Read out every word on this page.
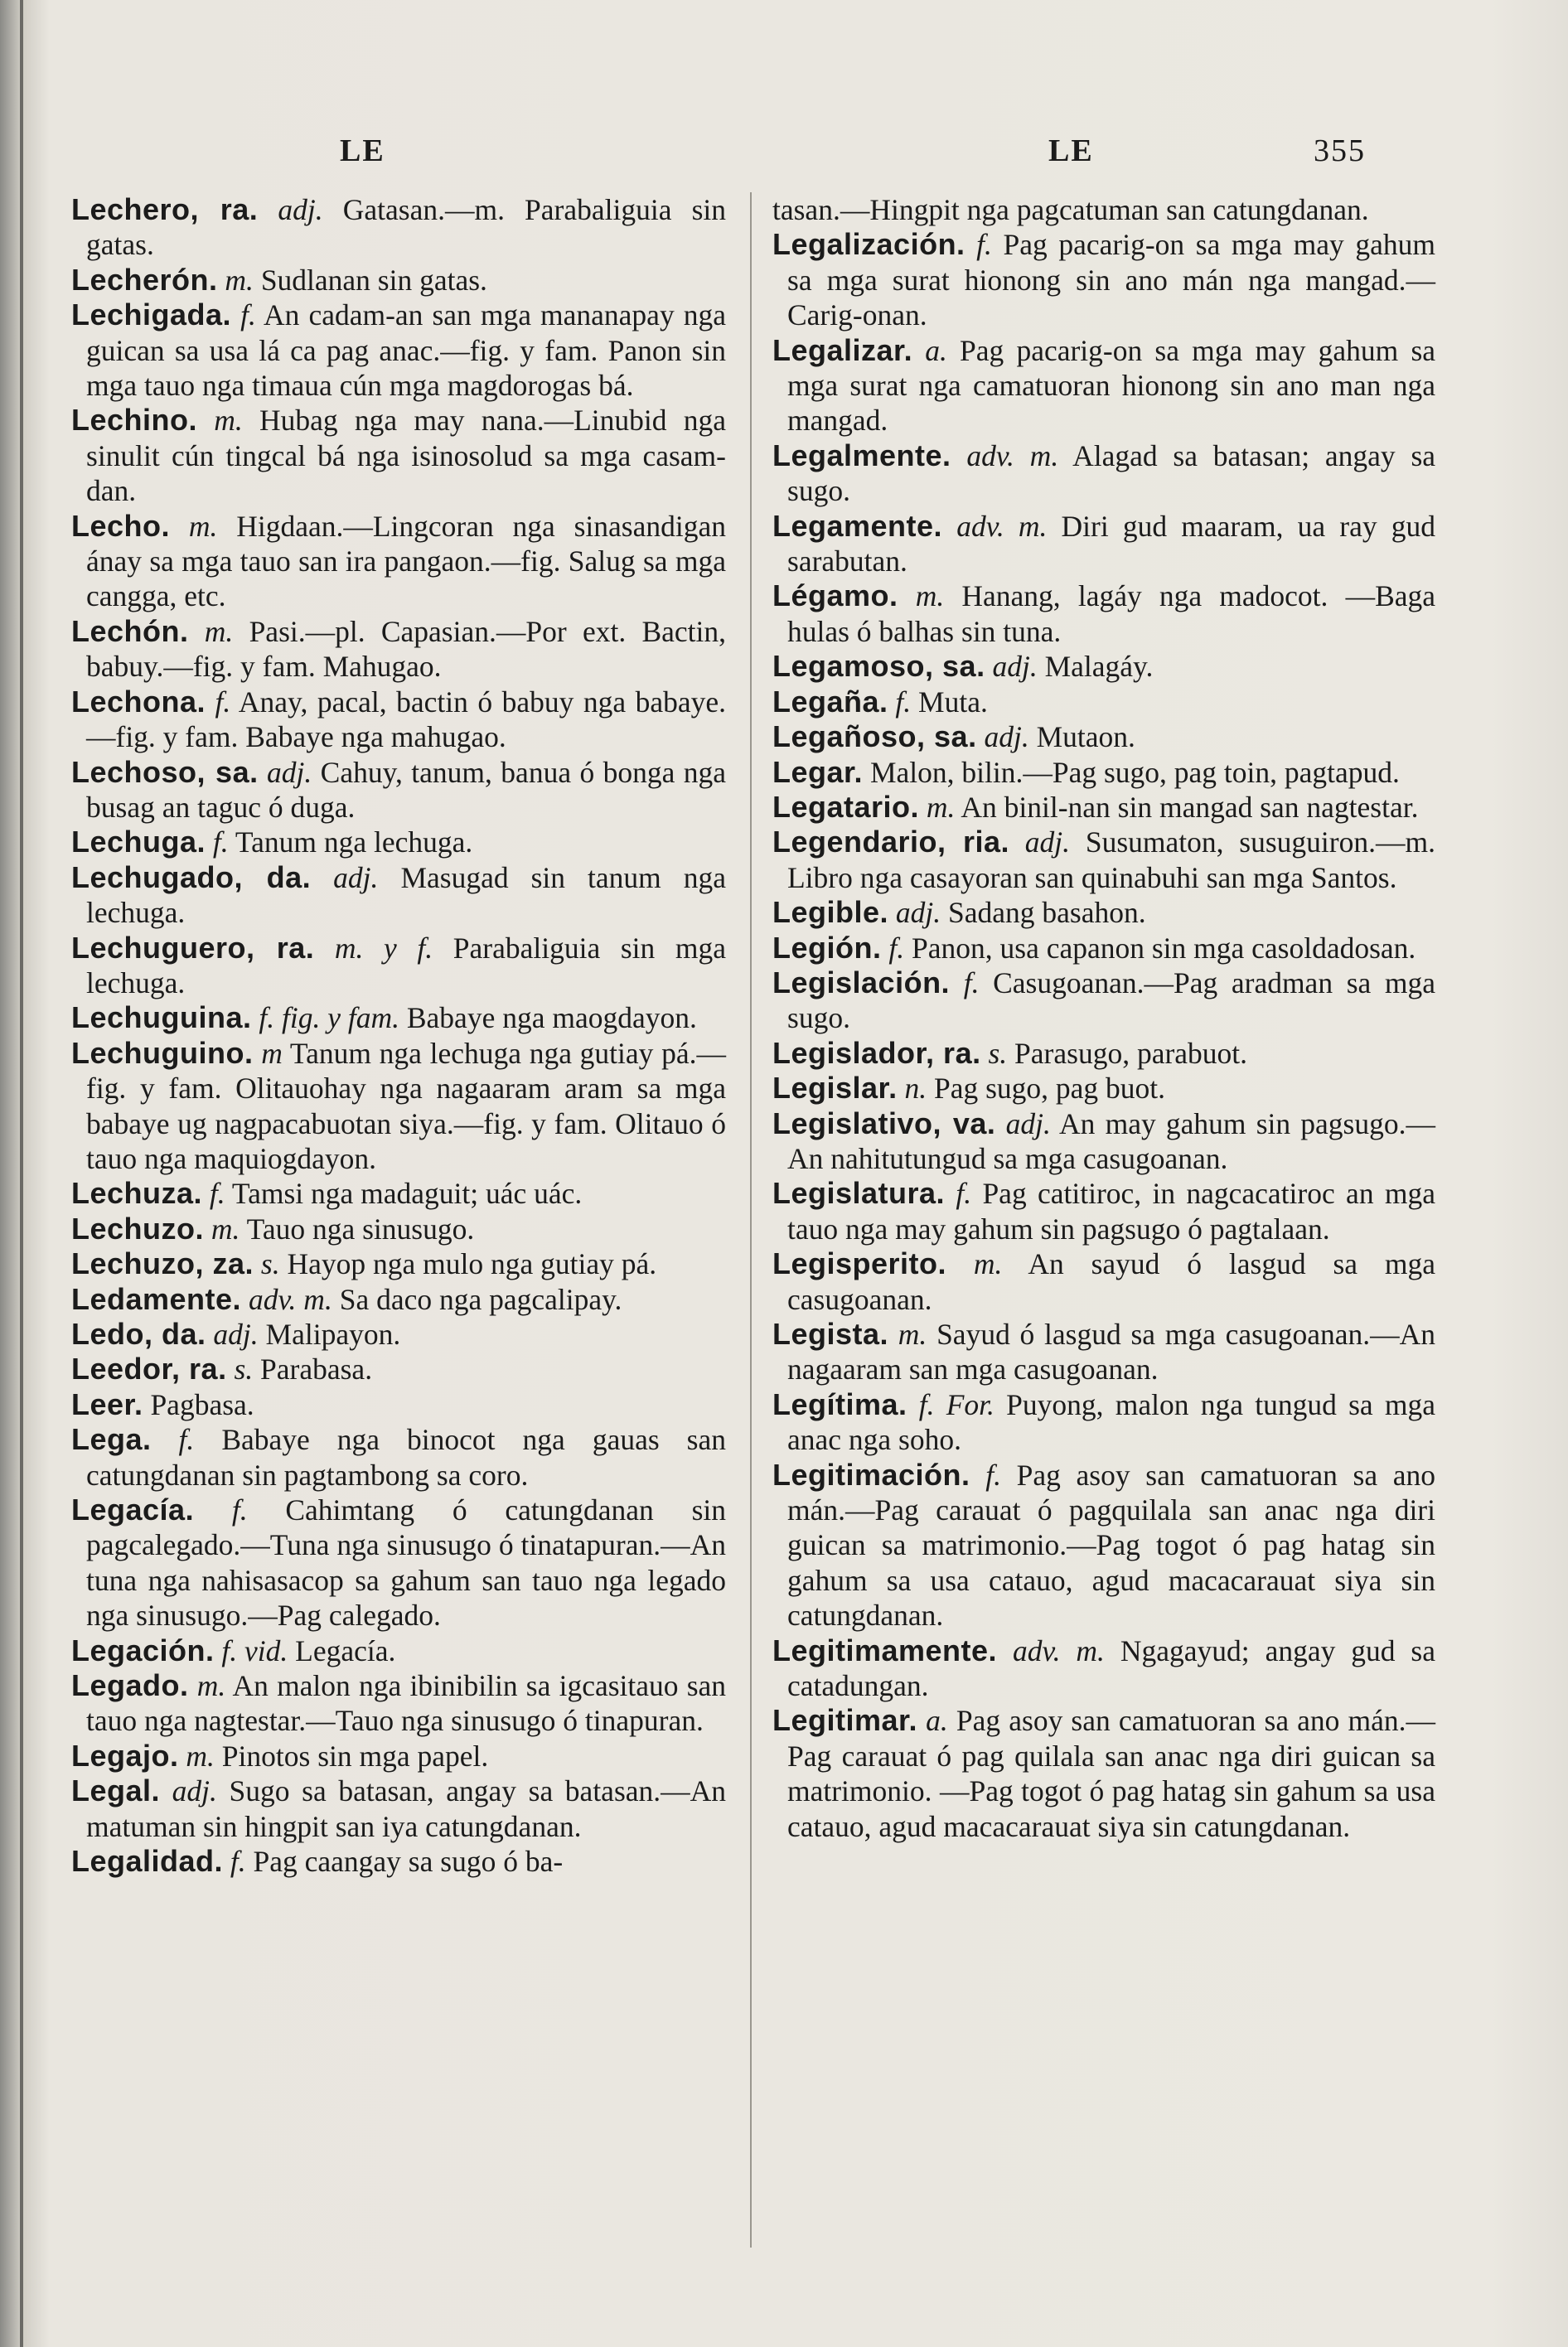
LE	LE	355

Lechero, ra. adj. Gatasan.—m. Parabaliguia sin gatas.

Lecherón. m. Sudlanan sin gatas.

Lechigada. f. An cadam-an san mga mananapay nga guican sa usa lá ca pag anac.—fig. y fam. Panon sin mga tauo nga timaua cún mga magdorogas bá.

Lechino. m. Hubag nga may nana.—Linubid nga sinulit cún tingcal bá nga isinosolud sa mga casam-dan.

Lecho. m. Higdaan.—Lingcoran nga sinasandigan ánay sa mga tauo san ira pangaon.—fig. Salug sa mga cangga, etc.

Lechón. m. Pasi.—pl. Capasian.—Por ext. Bactin, babuy.—fig. y fam. Mahugao.

Lechona. f. Anay, pacal, bactin ó babuy nga babaye.—fig. y fam. Babaye nga mahugao.

Lechoso, sa. adj. Cahuy, tanum, banua ó bonga nga busag an taguc ó duga.

Lechuga. f. Tanum nga lechuga.

Lechugado, da. adj. Masugad sin tanum nga lechuga.

Lechuguero, ra. m. y f. Parabaliguia sin mga lechuga.

Lechuguina. f. fig. y fam. Babaye nga maogdayon.

Lechuguino. m Tanum nga lechuga nga gutiay pá.—fig. y fam. Olitauohay nga nagaaram aram sa mga babaye ug nagpacabuotan siya.—fig. y fam. Olitauo ó tauo nga maquiogdayon.

Lechuza. f. Tamsi nga madaguit; uác uác.

Lechuzo. m. Tauo nga sinusugo.

Lechuzo, za. s. Hayop nga mulo nga gutiay pá.

Ledamente. adv. m. Sa daco nga pagcalipay.

Ledo, da. adj. Malipayon.

Leedor, ra. s. Parabasa.

Leer. Pagbasa.

Lega. f. Babaye nga binocot nga gauas san catungdanan sin pagtambong sa coro.

Legacía. f. Cahimtang ó catungdanan sin pagcalegado.—Tuna nga sinusugo ó tinatapuran.—An tuna nga nahisasacop sa gahum san tauo nga legado nga sinusugo.—Pag calegado.

Legación. f. vid. Legacía.

Legado. m. An malon nga ibinibilin sa igcasitauo san tauo nga nagtestar.—Tauo nga sinusugo ó tinapuran.

Legajo. m. Pinotos sin mga papel.

Legal. adj. Sugo sa batasan, angay sa batasan.—An matuman sin hingpit san iya catungdanan.

Legalidad. f. Pag caangay sa sugo ó ba-

tasan.—Hingpit nga pagcatuman san catungdanan.

Legalización. f. Pag pacarig-on sa mga may gahum sa mga surat hionong sin ano mán nga mangad.—Carig-onan.

Legalizar. a. Pag pacarig-on sa mga may gahum sa mga surat nga camatuoran hionong sin ano man nga mangad.

Legalmente. adv. m. Alagad sa batasan; angay sa sugo.

Legamente. adv. m. Diri gud maaram, ua ray gud sarabutan.

Légamo. m. Hanang, lagáy nga madocot. —Baga hulas ó balhas sin tuna.

Legamoso, sa. adj. Malagáy.

Legaña. f. Muta.

Legañoso, sa. adj. Mutaon.

Legar. Malon, bilin.—Pag sugo, pag toin, pagtapud.

Legatario. m. An binil-nan sin mangad san nagtestar.

Legendario, ria. adj. Susumaton, susuguiron.—m. Libro nga casayoran san quinabuhi san mga Santos.

Legible. adj. Sadang basahon.

Legión. f. Panon, usa capanon sin mga casoldadosan.

Legislación. f. Casugoanan.—Pag aradman sa mga sugo.

Legislador, ra. s. Parasugo, parabuot.

Legislar. n. Pag sugo, pag buot.

Legislativo, va. adj. An may gahum sin pagsugo.—An nahitutungud sa mga casugoanan.

Legislatura. f. Pag catitiroc, in nagcacatiroc an mga tauo nga may gahum sin pagsugo ó pagtalaan.

Legisperito. m. An sayud ó lasgud sa mga casugoanan.

Legista. m. Sayud ó lasgud sa mga casugoanan.—An nagaaram san mga casugoanan.

Legítima. f. For. Puyong, malon nga tungud sa mga anac nga soho.

Legitimación. f. Pag asoy san camatuoran sa ano mán.—Pag carauat ó pagquilala san anac nga diri guican sa matrimonio.—Pag togot ó pag hatag sin gahum sa usa catauo, agud macacarauat siya sin catungdanan.

Legitimamente. adv. m. Ngagayud; angay gud sa catadungan.

Legitimar. a. Pag asoy san camatuoran sa ano mán.—Pag carauat ó pag quilala san anac nga diri guican sa matrimonio. —Pag togot ó pag hatag sin gahum sa usa catauo, agud macacarauat siya sin catungdanan.
